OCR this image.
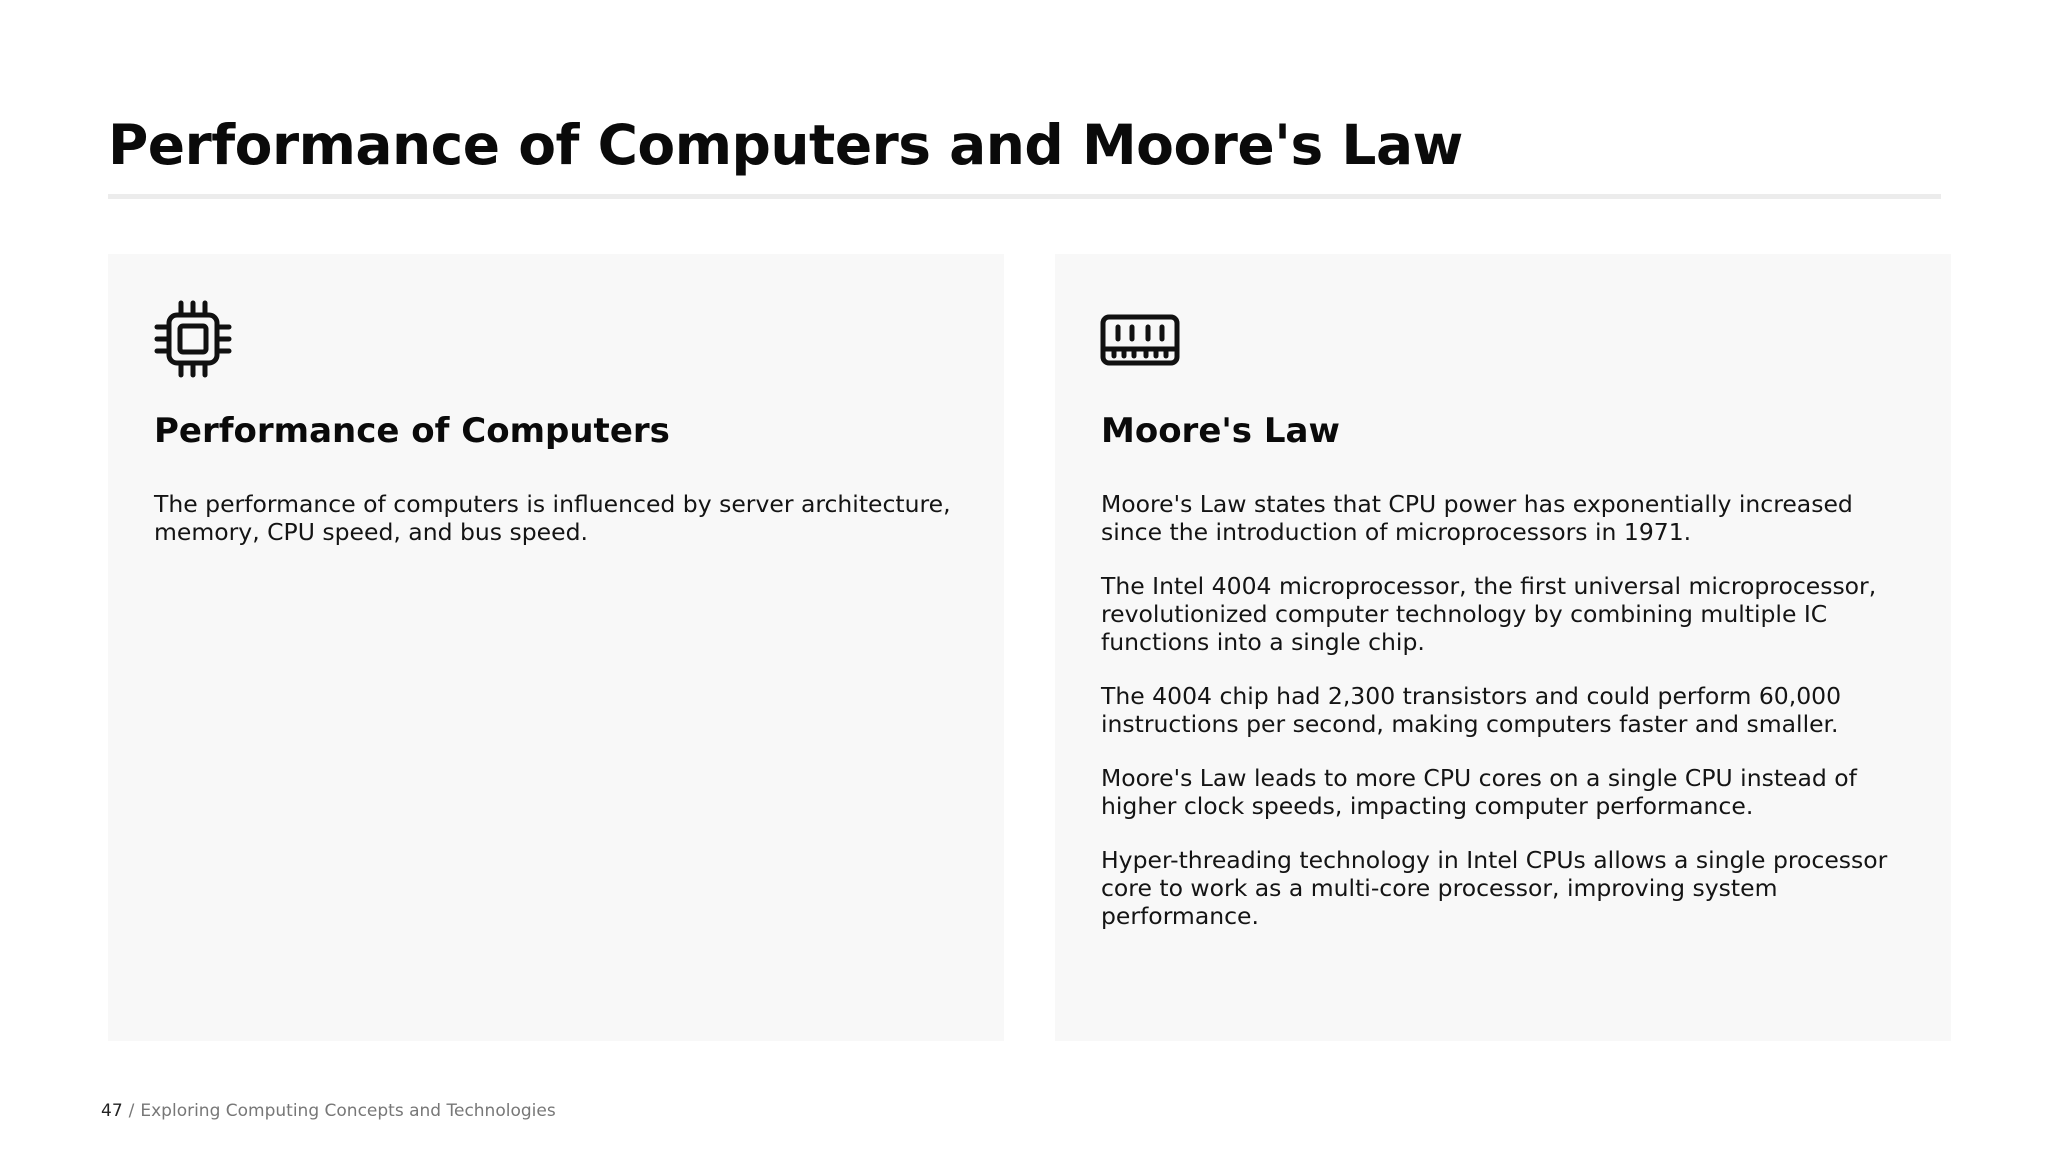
Performance of Computers and Moore's Law
Performance of Computers

The performance of computers is influenced by server architecture, memory, CPU speed, and bus speed.

Moore's Law

Moore's Law states that CPU power has exponentially increased since the introduction of microprocessors in 1971.

The Intel 4004 microprocessor, the first universal microprocessor, revolutionized computer technology by combining multiple IC functions into a single chip.

The 4004 chip had 2,300 transistors and could perform 60,000 instructions per second, making computers faster and smaller.

Moore's Law leads to more CPU cores on a single CPU instead of higher clock speeds, impacting computer performance.

Hyper-threading technology in Intel CPUs allows a single processor core to work as a multi-core processor, improving system performance.

47 / Exploring Computing Concepts and Technologies
